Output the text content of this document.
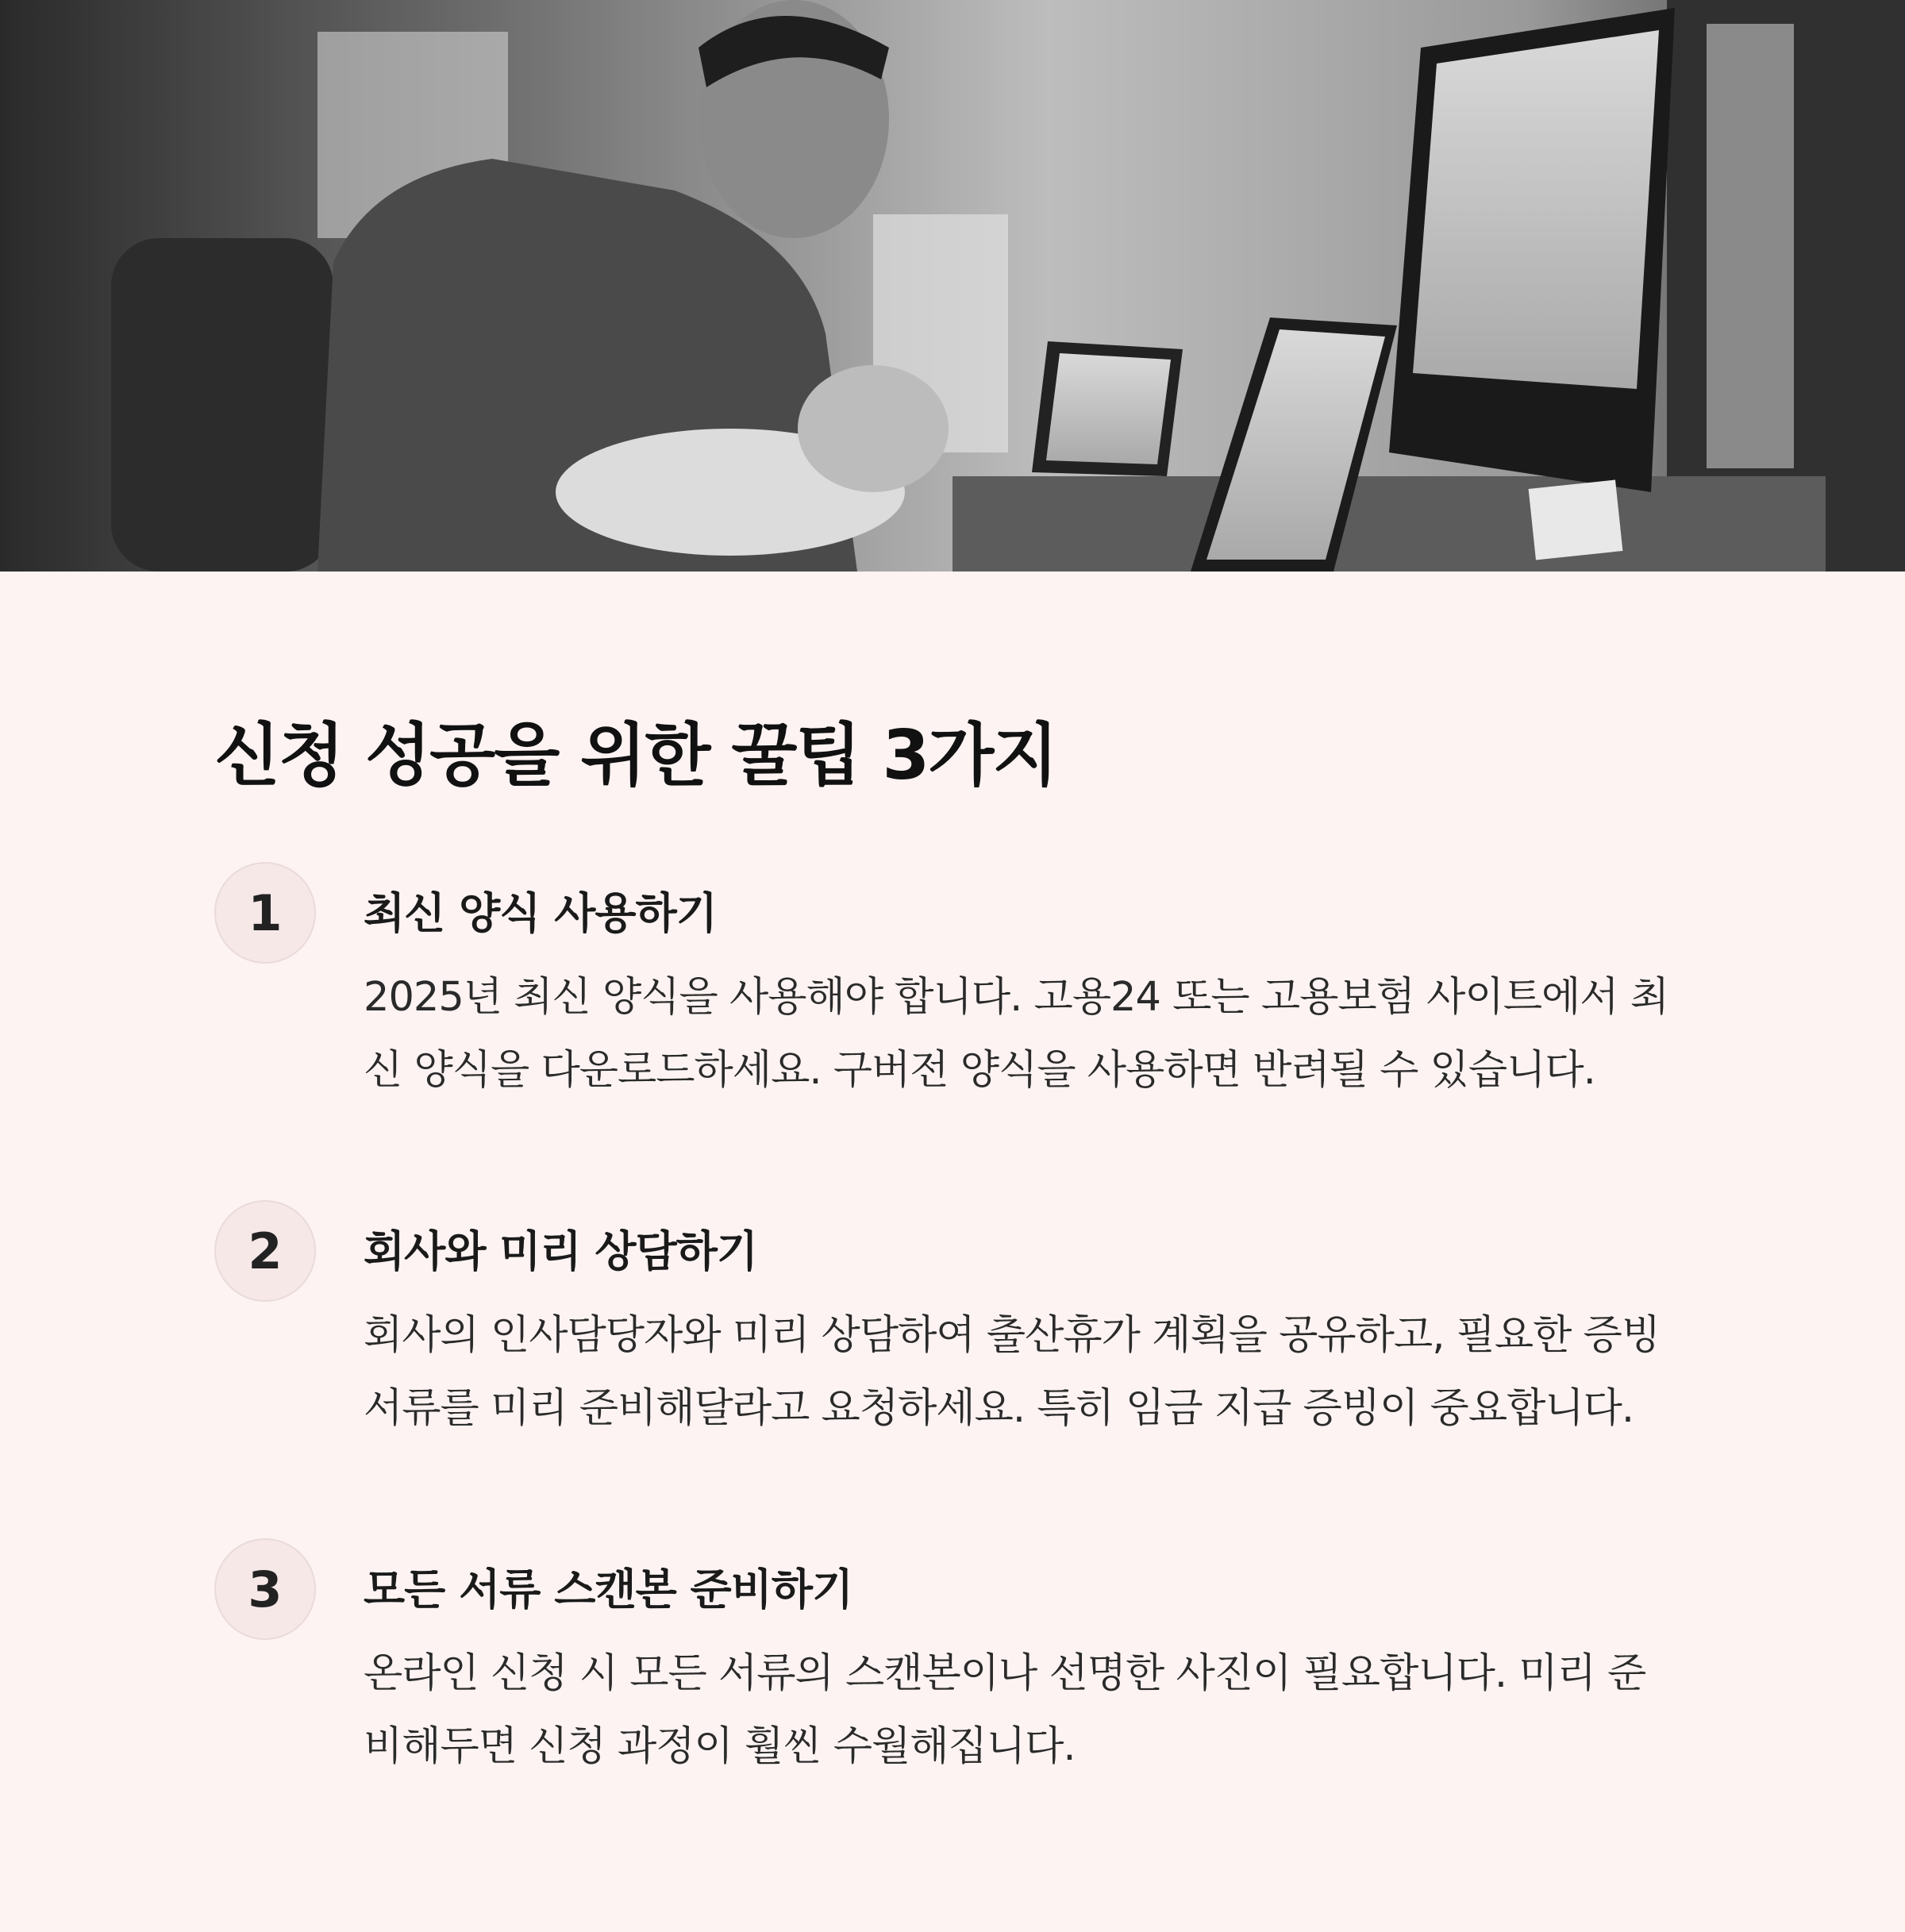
신청 성공을 위한 꿀팁 3가지
1	최신 양식 사용하기

2025년 최신 양식을 사용해야 합니다. 고용24 또는 고용보험 사이트에서 최신 양식을 다운로드하세요. 구버전 양식을 사용하면 반려될 수 있습니다.

2	회사와 미리 상담하기

회사의 인사담당자와 미리 상담하여 출산휴가 계획을 공유하고, 필요한 증빙 서류를 미리 준비해달라고 요청하세요. 특히 임금 지급 증빙이 중요합니다.

3	모든 서류 스캔본 준비하기

온라인 신청 시 모든 서류의 스캔본이나 선명한 사진이 필요합니다. 미리 준비해두면 신청 과정이 훨씬 수월해집니다.
